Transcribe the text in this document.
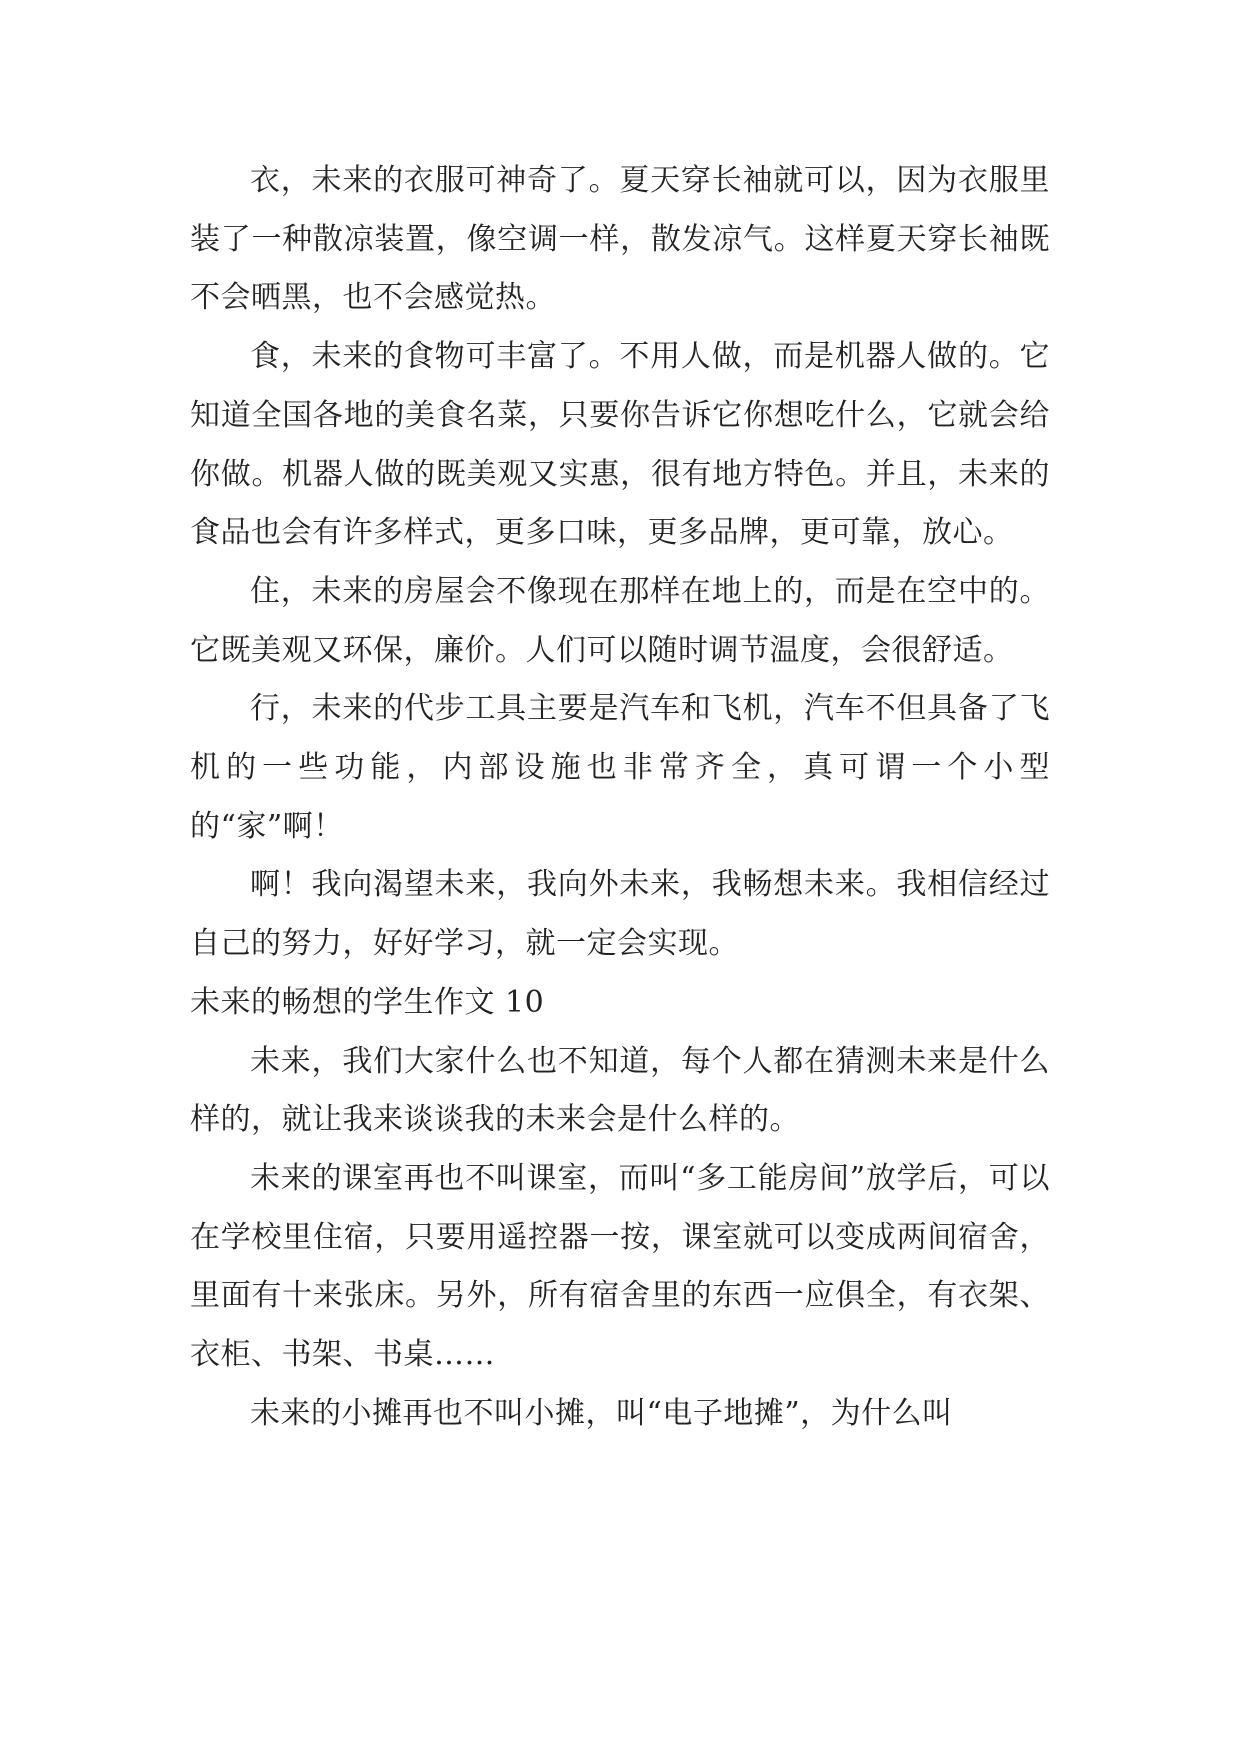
衣，未来的衣服可神奇了。夏天穿长袖就可以，因为衣服里装了一种散凉装置，像空调一样，散发凉气。这样夏天穿长袖既不会晒黑，也不会感觉热。

食，未来的食物可丰富了。不用人做，而是机器人做的。它知道全国各地的美食名菜，只要你告诉它你想吃什么，它就会给你做。机器人做的既美观又实惠，很有地方特色。并且，未来的食品也会有许多样式，更多口味，更多品牌，更可靠，放心。

住，未来的房屋会不像现在那样在地上的，而是在空中的。它既美观又环保，廉价。人们可以随时调节温度，会很舒适。

行，未来的代步工具主要是汽车和飞机，汽车不但具备了飞机的一些功能，内部设施也非常齐全，真可谓一个小型的“家”啊！

啊！我向渴望未来，我向外未来，我畅想未来。我相信经过自己的努力，好好学习，就一定会实现。

未来的畅想的学生作文 10

未来，我们大家什么也不知道，每个人都在猜测未来是什么样的，就让我来谈谈我的未来会是什么样的。

未来的课室再也不叫课室，而叫“多工能房间”放学后，可以在学校里住宿，只要用遥控器一按，课室就可以变成两间宿舍，里面有十来张床。另外，所有宿舍里的东西一应俱全，有衣架、衣柜、书架、书桌……

未来的小摊再也不叫小摊，叫“电子地摊”，为什么叫
